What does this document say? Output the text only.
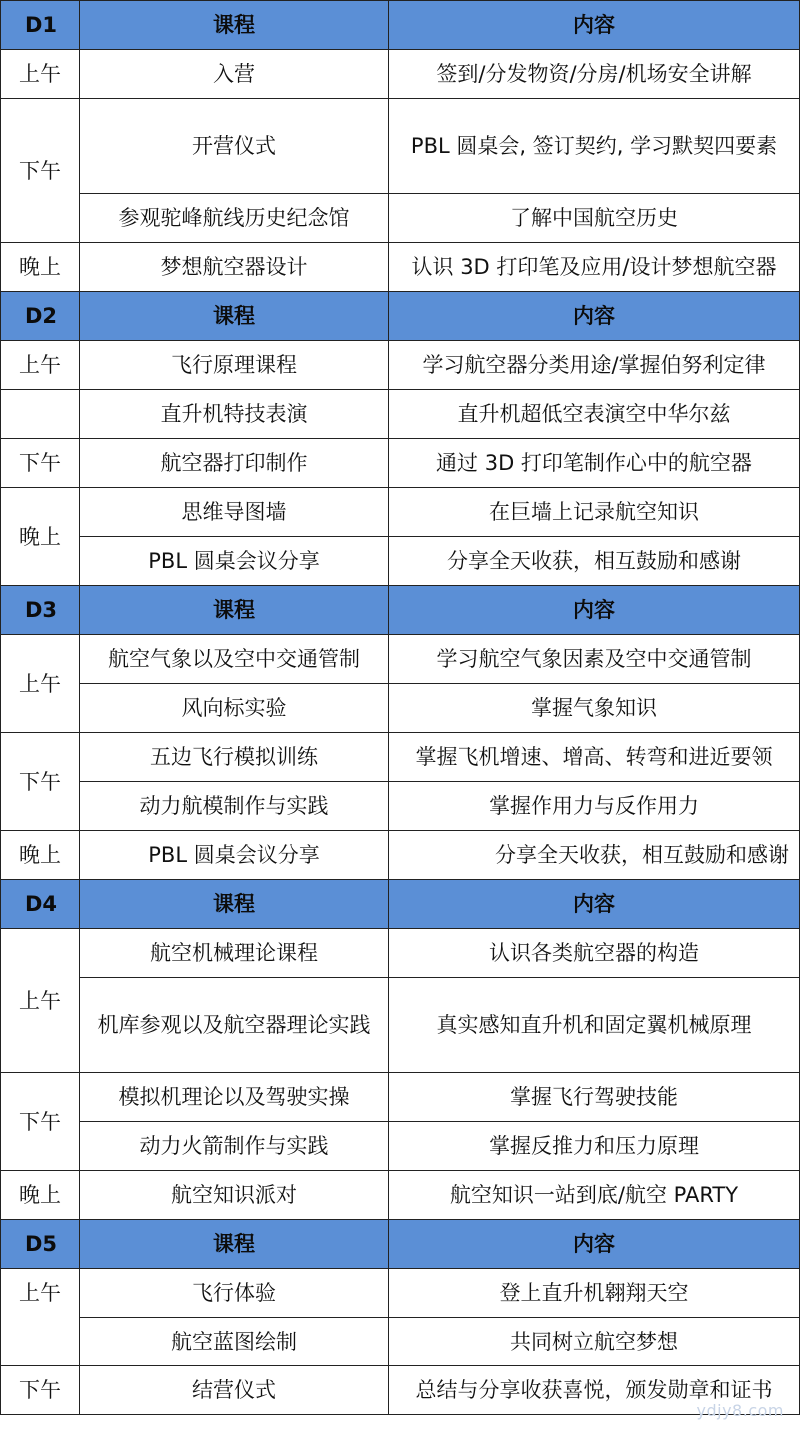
D1	课程	内容
上午	入营	签到/分发物资/分房/机场安全讲解
下午	开营仪式	PBL 圆桌会, 签订契约, 学习默契四要素
	参观驼峰航线历史纪念馆	了解中国航空历史
晚上	梦想航空器设计	认识 3D 打印笔及应用/设计梦想航空器
D2	课程	内容
上午	飞行原理课程	学习航空器分类用途/掌握伯努利定律
	直升机特技表演	直升机超低空表演空中华尔兹
下午	航空器打印制作	通过 3D 打印笔制作心中的航空器
晚上	思维导图墙	在巨墙上记录航空知识
	PBL 圆桌会议分享	分享全天收获，相互鼓励和感谢
D3	课程	内容
上午	航空气象以及空中交通管制	学习航空气象因素及空中交通管制
	风向标实验	掌握气象知识
下午	五边飞行模拟训练	掌握飞机增速、增高、转弯和进近要领
	动力航模制作与实践	掌握作用力与反作用力
晚上	PBL 圆桌会议分享	分享全天收获，相互鼓励和感谢
D4	课程	内容
上午	航空机械理论课程	认识各类航空器的构造
	机库参观以及航空器理论实践	真实感知直升机和固定翼机械原理
下午	模拟机理论以及驾驶实操	掌握飞行驾驶技能
	动力火箭制作与实践	掌握反推力和压力原理
晚上	航空知识派对	航空知识一站到底/航空 PARTY
D5	课程	内容
上午	飞行体验	登上直升机翱翔天空
	航空蓝图绘制	共同树立航空梦想
下午	结营仪式	总结与分享收获喜悦，颁发勋章和证书
ydjy8.com
